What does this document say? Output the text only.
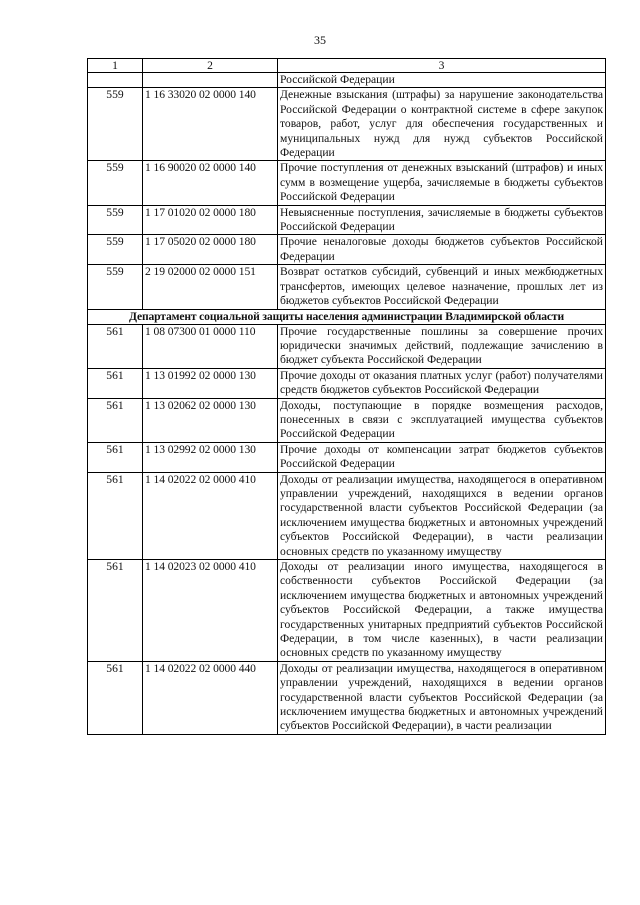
35
1	2	3
		Российской Федерации
559	1 16 33020 02 0000 140	Денежные взыскания (штрафы) за нарушение законодательства Российской Федерации о контрактной системе в сфере закупок товаров, работ, услуг для обеспечения государственных и муниципальных нужд для нужд субъектов Российской Федерации
559	1 16 90020 02 0000 140	Прочие поступления от денежных взысканий (штрафов) и иных сумм в возмещение ущерба, зачисляемые в бюджеты субъектов Российской Федерации
559	1 17 01020 02 0000 180	Невыясненные поступления, зачисляемые в бюджеты субъектов Российской Федерации
559	1 17 05020 02 0000 180	Прочие неналоговые доходы бюджетов субъектов Российской Федерации
559	2 19 02000 02 0000 151	Возврат остатков субсидий, субвенций и иных межбюджетных трансфертов, имеющих целевое назначение, прошлых лет из бюджетов субъектов Российской Федерации
Департамент социальной защиты населения администрации Владимирской области		
561	1 08 07300 01 0000 110	Прочие государственные пошлины за совершение прочих юридически значимых действий, подлежащие зачислению в бюджет субъекта Российской Федерации
561	1 13 01992 02 0000 130	Прочие доходы от оказания платных услуг (работ) получателями средств бюджетов субъектов Российской Федерации
561	1 13 02062 02 0000 130	Доходы, поступающие в порядке возмещения расходов, понесенных в связи с эксплуатацией имущества субъектов Российской Федерации
561	1 13 02992 02 0000 130	Прочие доходы от компенсации затрат бюджетов субъектов Российской Федерации
561	1 14 02022 02 0000 410	Доходы от реализации имущества, находящегося в оперативном управлении учреждений, находящихся в ведении органов государственной власти субъектов Российской Федерации (за исключением имущества бюджетных и автономных учреждений субъектов Российской Федерации), в части реализации основных средств по указанному имуществу
561	1 14 02023 02 0000 410	Доходы от реализации иного имущества, находящегося в собственности субъектов Российской Федерации (за исключением имущества бюджетных и автономных учреждений субъектов Российской Федерации, а также имущества государственных унитарных предприятий субъектов Российской Федерации, в том числе казенных), в части реализации основных средств по указанному имуществу
561	1 14 02022 02 0000 440	Доходы от реализации имущества, находящегося в оперативном управлении учреждений, находящихся в ведении органов государственной власти субъектов Российской Федерации (за исключением имущества бюджетных и автономных учреждений субъектов Российской Федерации), в части реализации
